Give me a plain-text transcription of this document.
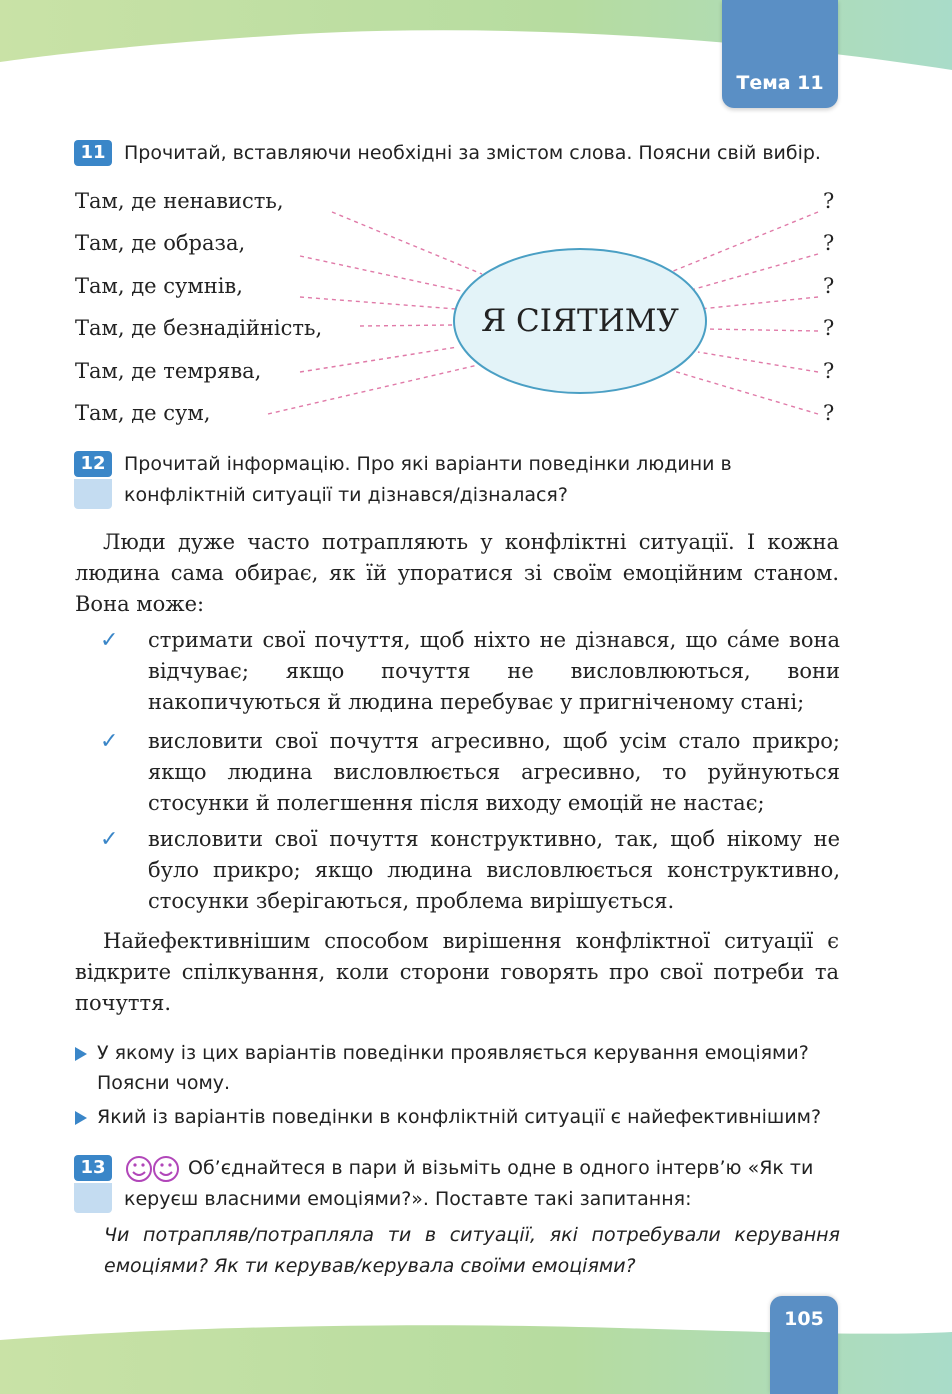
Тема 11
11 Прочитай, вставляючи необхідні за змістом слова. Поясни свій вибір.
Я СІЯТИМУ
Там, де ненависть,
Там, де образа,
Там, де сумнів,
Там, де безнадійність,
Там, де темрява,
Там, де сум,
?
?
?
?
?
?
12 Прочитай інформацію. Про які варіанти поведінки людини в конфліктній ситуації ти дізнався/дізналася?
Люди дуже часто потрапляють у конфліктні ситуації. І кожна людина сама обирає, як їй упоратися зі своїм емоційним станом. Вона може:
✓ стримати свої почуття, щоб ніхто не дізнався, що са́ме вона відчуває; якщо почуття не висловлюються, вони накопичуються й людина перебуває у пригніченому стані;
✓ висловити свої почуття агресивно, щоб усім стало прикро; якщо людина висловлюється агресивно, то руйнуються стосунки й полегшення після виходу емоцій не настає;
✓ висловити свої почуття конструктивно, так, щоб нікому не було прикро; якщо людина висловлюється конструктивно, стосунки зберігаються, проблема вирішується.
Найефективнішим способом вирішення конфліктної ситуації є відкрите спілкування, коли сторони говорять про свої потреби та почуття.
У якому із цих варіантів поведінки проявляється керування емоціями? Поясни чому.
Який із варіантів поведінки в конфліктній ситуації є найефективнішим?
13	Об’єднайтеся в пари й візьміть одне в одного інтерв’ю «Як ти керуєш власними емоціями?». Поставте такі запитання:
Чи потрапляв/потрапляла ти в ситуації, які потребували керування емоціями? Як ти керував/керувала своїми емоціями?
105
